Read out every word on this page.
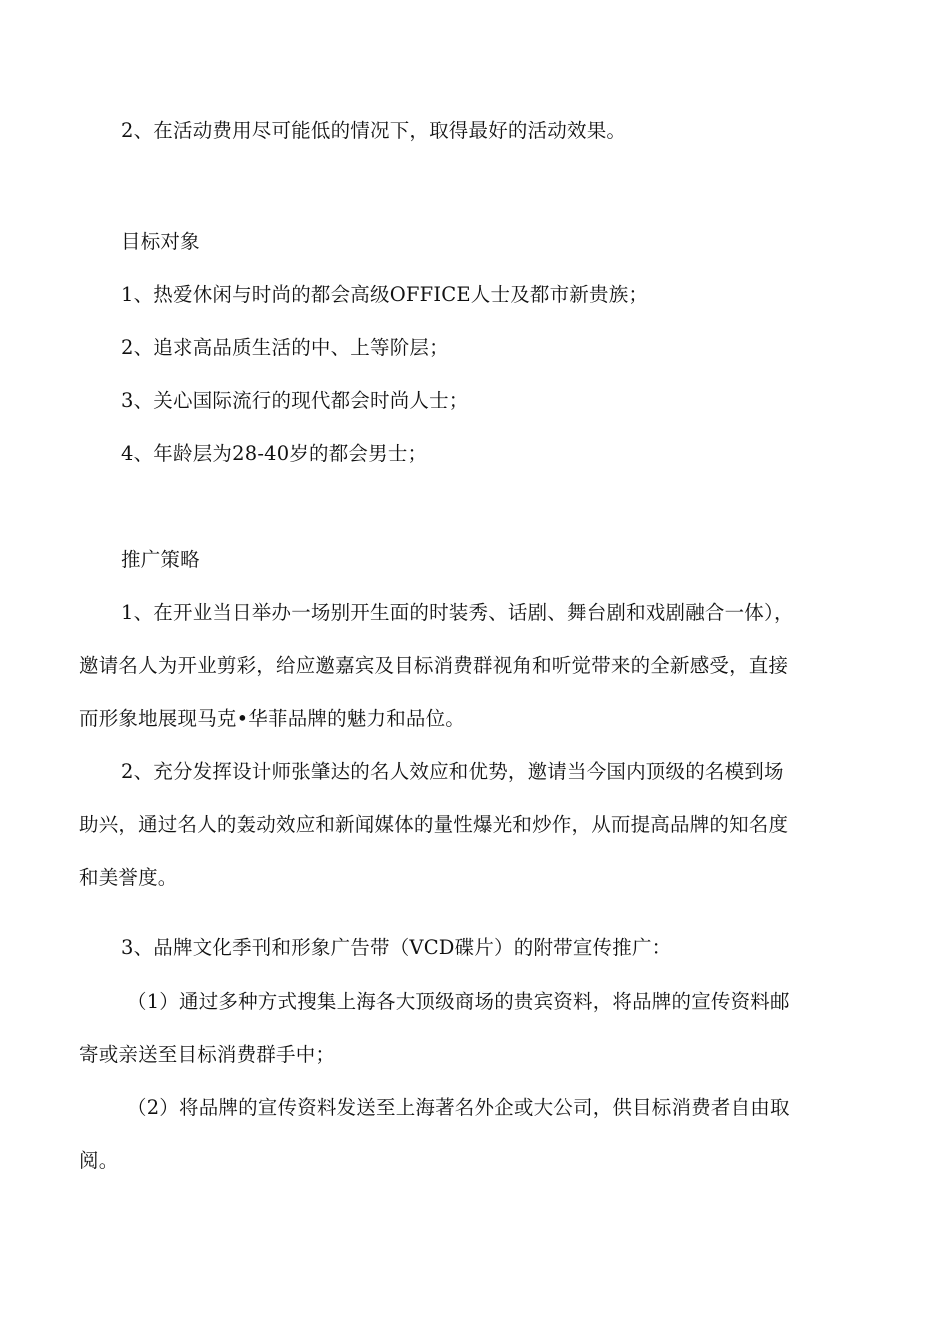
2、在活动费用尽可能低的情况下，取得最好的活动效果。
目标对象
1、热爱休闲与时尚的都会高级OFFICE人士及都市新贵族；
2、追求高品质生活的中、上等阶层；
3、关心国际流行的现代都会时尚人士；
4、年龄层为28-40岁的都会男士；
推广策略
1、在开业当日举办一场别开生面的时装秀、话剧、舞台剧和戏剧融合一体），
邀请名人为开业剪彩，给应邀嘉宾及目标消费群视角和听觉带来的全新感受，直接
而形象地展现马克•华菲品牌的魅力和品位。
2、充分发挥设计师张肇达的名人效应和优势，邀请当今国内顶级的名模到场
助兴，通过名人的轰动效应和新闻媒体的量性爆光和炒作，从而提高品牌的知名度
和美誉度。
3、品牌文化季刊和形象广告带（VCD碟片）的附带宣传推广：
（1）通过多种方式搜集上海各大顶级商场的贵宾资料，将品牌的宣传资料邮
寄或亲送至目标消费群手中；
（2）将品牌的宣传资料发送至上海著名外企或大公司，供目标消费者自由取
阅。
